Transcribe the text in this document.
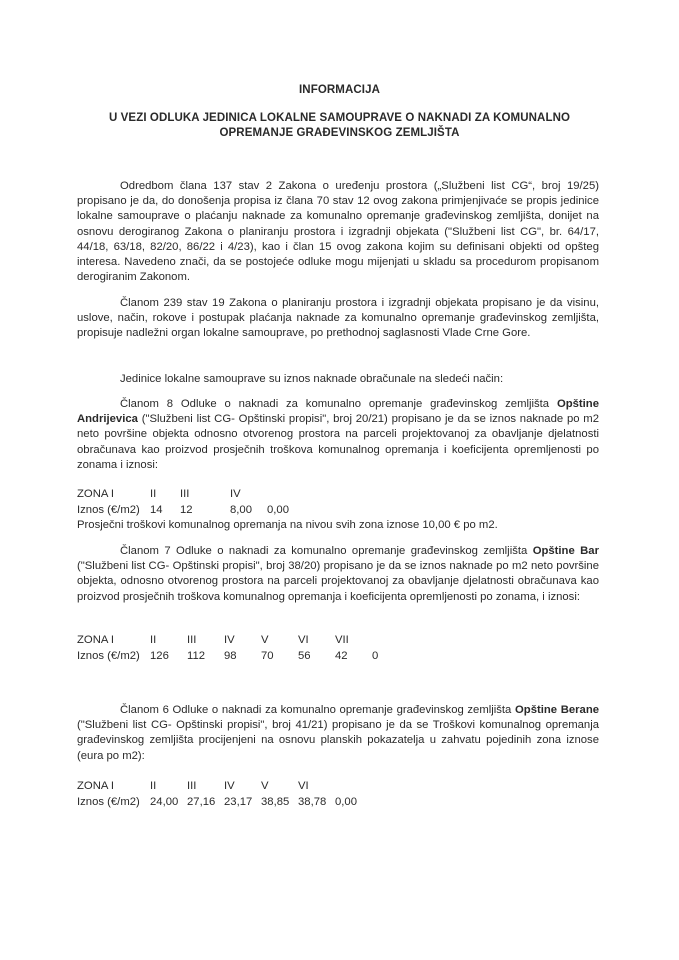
INFORMACIJA
U VEZI ODLUKA JEDINICA LOKALNE SAMOUPRAVE O NAKNADI ZA KOMUNALNO
OPREMANJE GRAĐEVINSKOG ZEMLJIŠTA
Odredbom člana 137 stav 2 Zakona o uređenju prostora („Službeni list CG“, broj 19/25) propisano je da, do donošenja propisa iz člana 70 stav 12 ovog zakona primjenjivaće se propis jedinice lokalne samouprave o plaćanju naknade za komunalno opremanje građevinskog zemljišta, donijet na osnovu derogiranog Zakona o planiranju prostora i izgradnji objekata ("Službeni list CG", br. 64/17, 44/18, 63/18, 82/20, 86/22 i 4/23), kao i član 15 ovog zakona kojim su definisani objekti od opšteg interesa. Navedeno znači, da se postojeće odluke mogu mijenjati u skladu sa procedurom propisanom derogiranim Zakonom.
Članom 239 stav 19 Zakona o planiranju prostora i izgradnji objekata propisano je da visinu, uslove, način, rokove i postupak plaćanja naknade za komunalno opremanje građevinskog zemljišta, propisuje nadležni organ lokalne samouprave, po prethodnoj saglasnosti Vlade Crne Gore.
Jedinice lokalne samouprave su iznos naknade obračunale na sledeći način:
Članom 8 Odluke o naknadi za komunalno opremanje građevinskog zemljišta Opštine Andrijevica ("Službeni list CG- Opštinski propisi", broj 20/21) propisano je da se iznos naknade po m2 neto površine objekta odnosno otvorenog prostora na parceli projektovanoj za obavljanje djelatnosti obračunava kao proizvod prosječnih troškova komunalnog opremanja i koeficijenta opremljenosti po zonama i iznosi:
ZONA I	II	III	IV	
Iznos (€/m2)	14	12	8,00	0,00
Prosječni troškovi komunalnog opremanja na nivou svih zona iznose 10,00 € po m2.
Članom 7 Odluke o naknadi za komunalno opremanje građevinskog zemljišta Opštine Bar ("Službeni list CG- Opštinski propisi", broj 38/20) propisano je da se iznos naknade po m2 neto površine objekta, odnosno otvorenog prostora na parceli projektovanoj za obavljanje djelatnosti obračunava kao proizvod prosječnih troškova komunalnog opremanja i koeficijenta opremljenosti po zonama, i iznosi:
ZONA I	II	III	IV	V	VI	VII	
Iznos (€/m2)	126	112	98	70	56	42	0
Članom 6 Odluke o naknadi za komunalno opremanje građevinskog zemljišta Opštine Berane ("Službeni list CG- Opštinski propisi", broj 41/21) propisano je da se Troškovi komunalnog opremanja građevinskog zemljišta procijenjeni na osnovu planskih pokazatelja u zahvatu pojedinih zona iznose (eura po m2):
ZONA I	II	III	IV	V	VI	
Iznos (€/m2)	24,00	27,16	23,17	38,85	38,78	0,00
